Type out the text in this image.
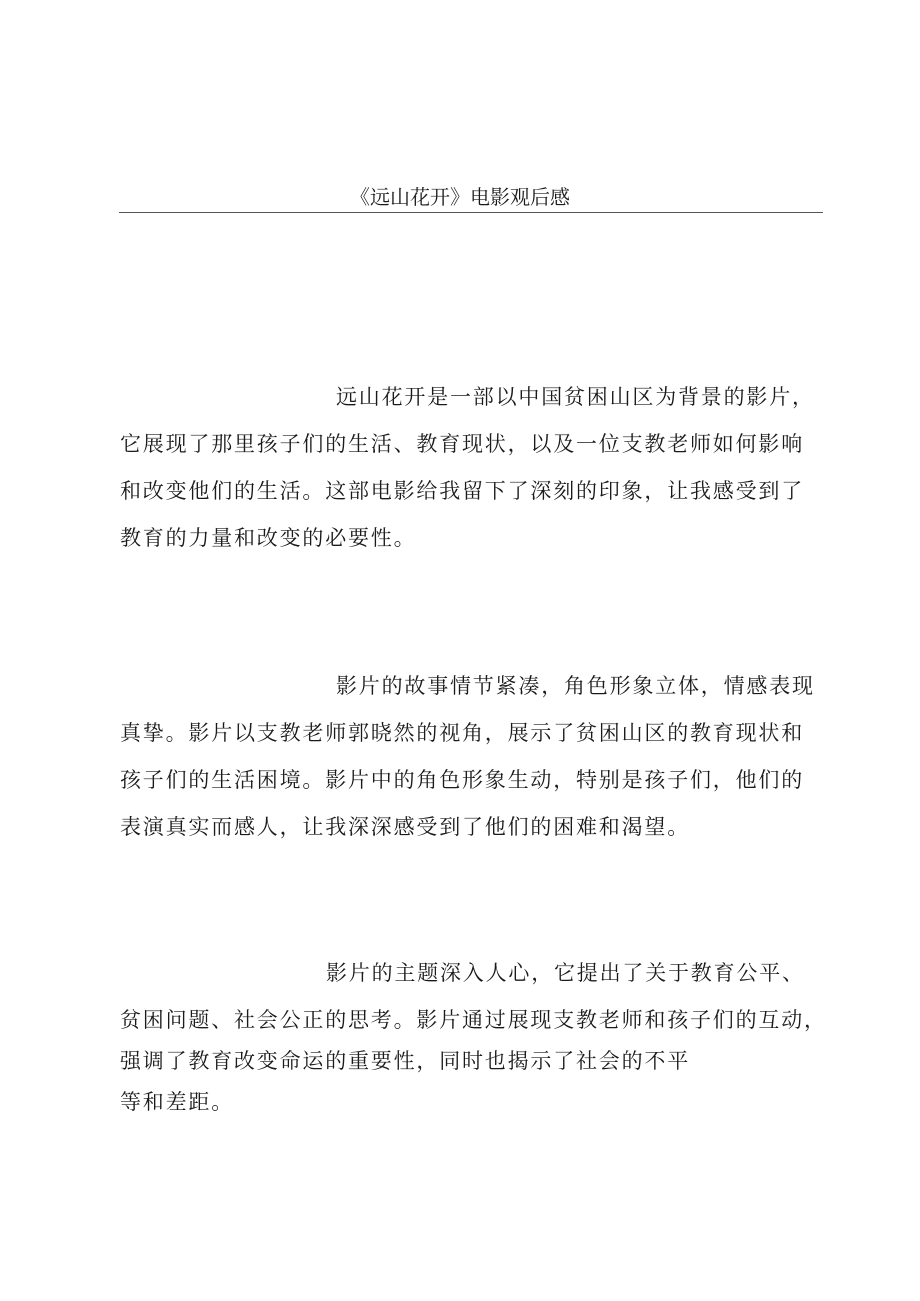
《远山花开》电影观后感
远山花开是一部以中国贫困山区为背景的影片，
它展现了那里孩子们的生活、教育现状，以及一位支教老师如何影响
和改变他们的生活。这部电影给我留下了深刻的印象，让我感受到了
教育的力量和改变的必要性。
影片的故事情节紧凑，角色形象立体，情感表现
真挚。影片以支教老师郭晓然的视角，展示了贫困山区的教育现状和
孩子们的生活困境。影片中的角色形象生动，特别是孩子们，他们的
表演真实而感人，让我深深感受到了他们的困难和渴望。
影片的主题深入人心，它提出了关于教育公平、
贫困问题、社会公正的思考。影片通过展现支教老师和孩子们的互动，
强调了教育改变命运的重要性，同时也揭示了社会的不平
等和差距。
